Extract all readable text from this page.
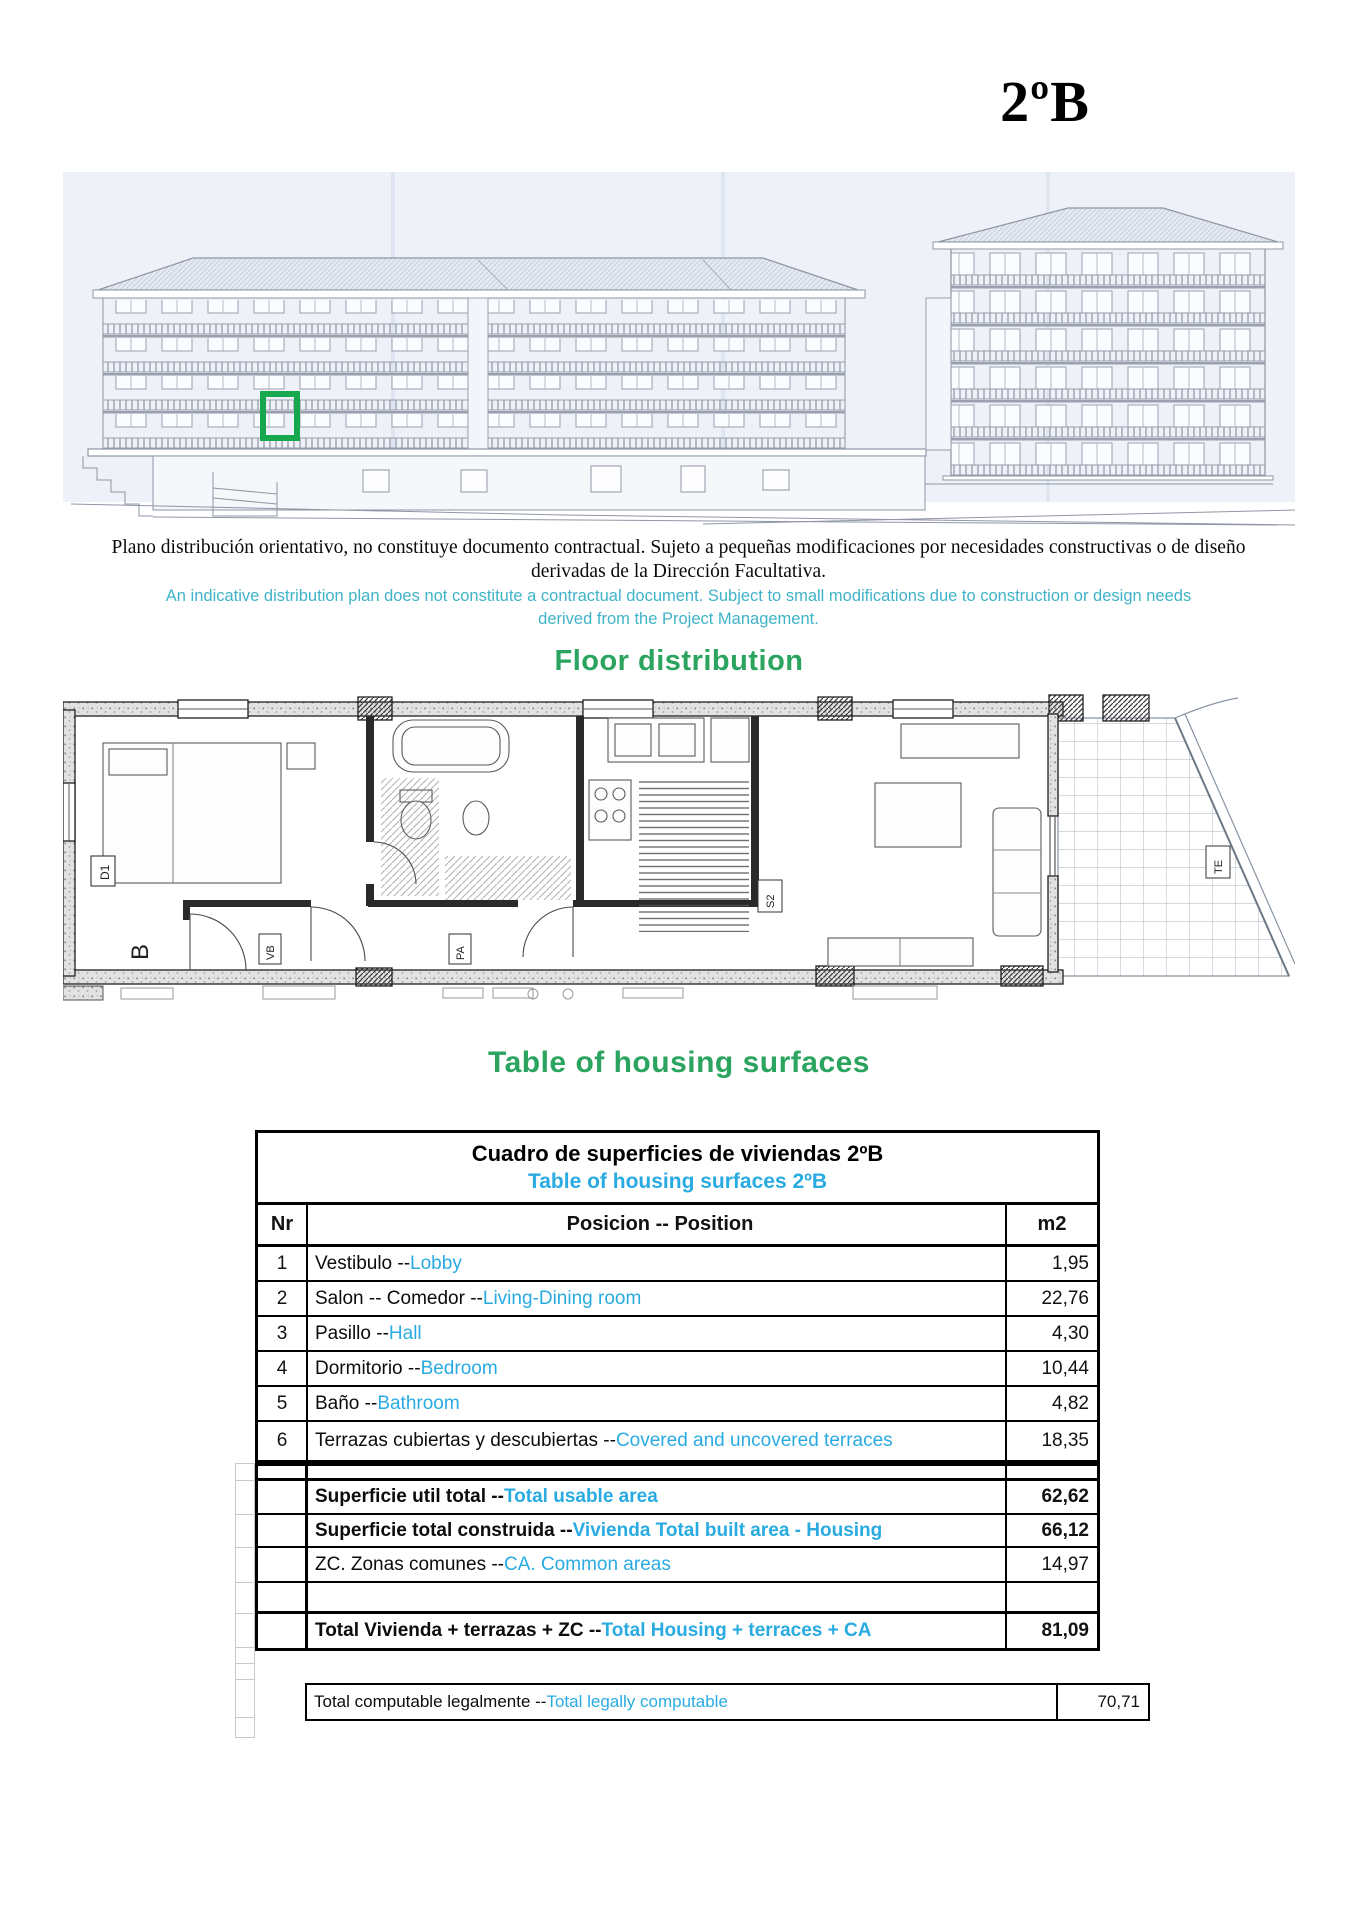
2ºB
Plano distribución orientativo, no constituye documento contractual. Sujeto a pequeñas modificaciones por necesidades constructivas o de diseño
derivadas de la Dirección Facultativa.
An indicative distribution plan does not constitute a contractual document. Subject to small modifications due to construction or design needs
derived from the Project Management.
Floor distribution
B
D1
VB	PA
S2
TE
Table of housing surfaces
Cuadro de superficies de viviendas 2ºB
Table of housing surfaces 2ºB
Nr	Posicion -- Position	m2
1	Vestibulo -- Lobby	1,95
2	Salon -- Comedor -- Living-Dining room	22,76
3	Pasillo -- Hall	4,30
4	Dormitorio -- Bedroom	10,44
5	Baño -- Bathroom	4,82
6	Terrazas cubiertas y descubiertas -- Covered and uncovered terraces	18,35
Superficie util total -- Total usable area	62,62
Superficie total construida -- Vivienda Total built area - Housing	66,12
ZC. Zonas comunes -- CA. Common areas	14,97
Total Vivienda + terrazas + ZC -- Total Housing + terraces + CA	81,09
Total computable legalmente -- Total legally computable	70,71
